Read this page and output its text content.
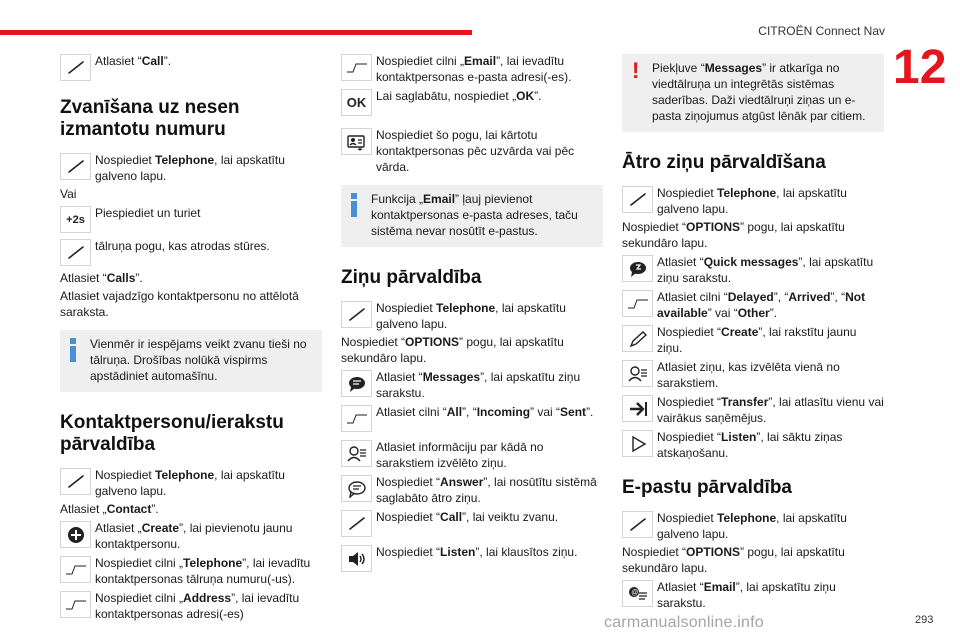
CITROËN Connect Nav
12
Atlasiet “Call”.
Zvanīšana uz nesen izmantotu numuru
Nospiediet Telephone, lai apskatītu galveno lapu.
Vai
+2s Piespiediet un turiet
tālruņa pogu, kas atrodas stūres.
Atlasiet “Calls”.
Atlasiet vajadzīgo kontaktpersonu no attēlotā saraksta.
Vienmēr ir iespējams veikt zvanu tieši no tālruņa. Drošības nolūkā vispirms apstādiniet automašīnu.
Kontaktpersonu/ierakstu pārvaldība
Nospiediet Telephone, lai apskatītu galveno lapu.
Atlasiet „Contact”.
Atlasiet „Create”, lai pievienotu jaunu kontaktpersonu.
Nospiediet cilni „Telephone”, lai ievadītu kontaktpersonas tālruņa numuru(-us).
Nospiediet cilni „Address”, lai ievadītu kontaktpersonas adresi(-es)
Nospiediet cilni „Email”, lai ievadītu kontaktpersonas e-pasta adresi(-es).
OK Lai saglabātu, nospiediet „OK”.
Nospiediet šo pogu, lai kārtotu kontaktpersonas pēc uzvārda vai pēc vārda.
Funkcija „Email” ļauj pievienot kontaktpersonas e-pasta adreses, taču sistēma nevar nosūtīt e-pastus.
Ziņu pārvaldība
Nospiediet Telephone, lai apskatītu galveno lapu.
Nospiediet “OPTIONS” pogu, lai apskatītu sekundāro lapu.
Atlasiet “Messages”, lai apskatītu ziņu sarakstu.
Atlasiet cilni “All”, “Incoming” vai “Sent”.
Atlasiet informāciju par kādā no sarakstiem izvēlēto ziņu.
Nospiediet “Answer”, lai nosūtītu sistēmā saglabāto ātro ziņu.
Nospiediet “Call”, lai veiktu zvanu.
Nospiediet “Listen”, lai klausītos ziņu.
!	Piekļuve “Messages” ir atkarīga no viedtālruņa un integrētās sistēmas saderības. Daži viedtālruņi ziņas un e-pasta ziņojumus atgūst lēnāk par citiem.
Ātro ziņu pārvaldīšana
Nospiediet Telephone, lai apskatītu galveno lapu.
Nospiediet “OPTIONS” pogu, lai apskatītu sekundāro lapu.
Atlasiet “Quick messages”, lai apskatītu ziņu sarakstu.
Atlasiet cilni “Delayed”, “Arrived”, “Not available” vai “Other”.
Nospiediet “Create”, lai rakstītu jaunu ziņu.
Atlasiet ziņu, kas izvēlēta vienā no sarakstiem.
Nospiediet “Transfer”, lai atlasītu vienu vai vairākus saņēmējus.
Nospiediet “Listen”, lai sāktu ziņas atskaņošanu.
E-pastu pārvaldība
Nospiediet Telephone, lai apskatītu galveno lapu.
Nospiediet “OPTIONS” pogu, lai apskatītu sekundāro lapu.
@ Atlasiet “Email”, lai apskatītu ziņu sarakstu.
carmanualsonline.info	293
